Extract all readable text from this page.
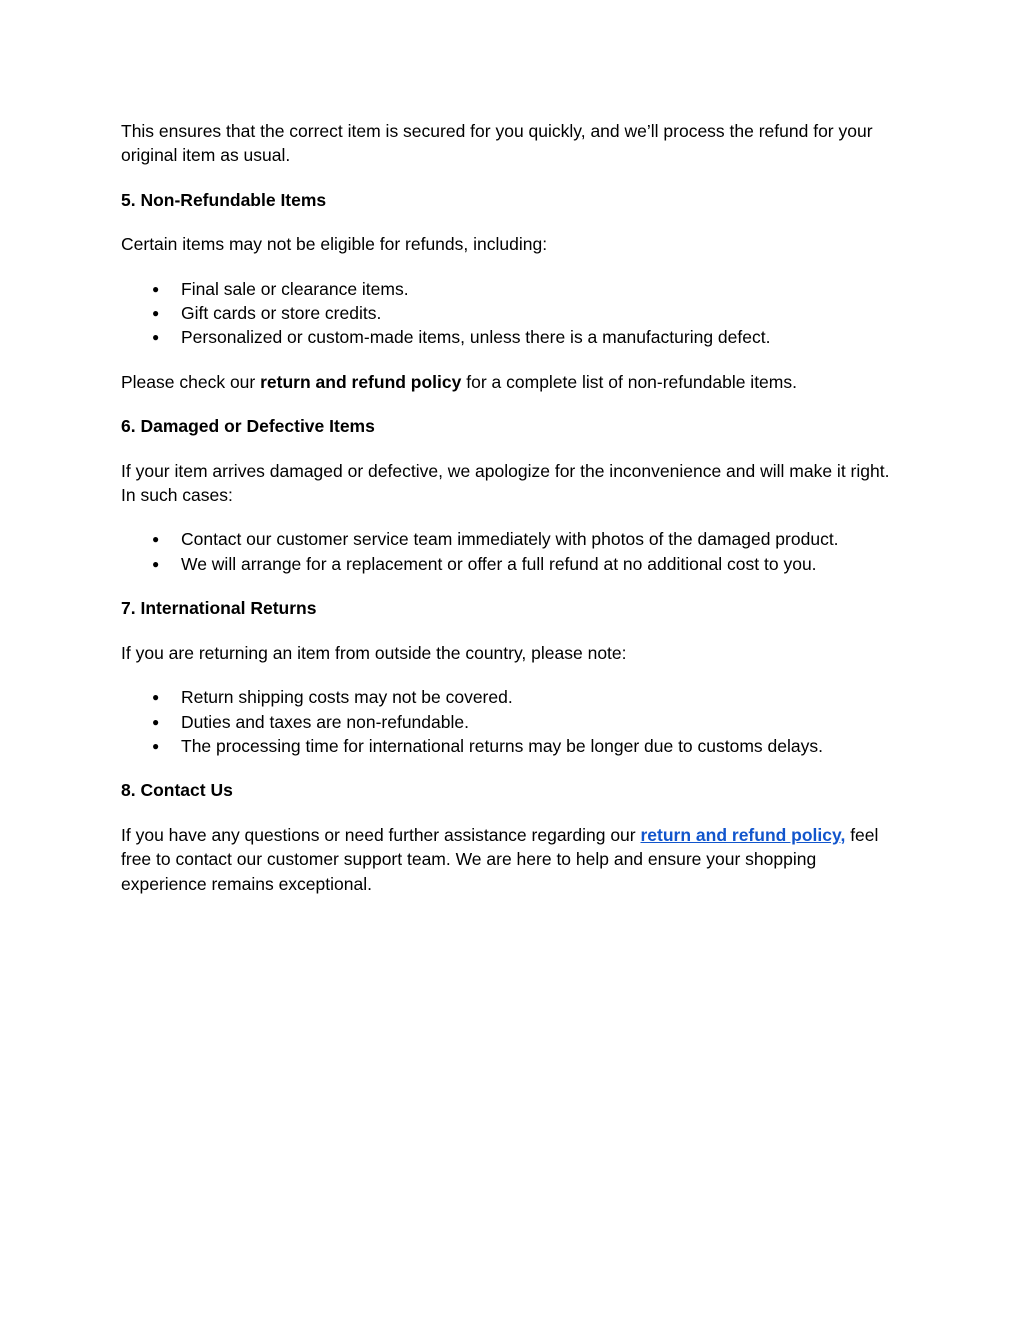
This ensures that the correct item is secured for you quickly, and we’ll process the refund for your original item as usual.

5. Non-Refundable Items

Certain items may not be eligible for refunds, including:

● Final sale or clearance items.
● Gift cards or store credits.
● Personalized or custom-made items, unless there is a manufacturing defect.

Please check our return and refund policy for a complete list of non-refundable items.

6. Damaged or Defective Items

If your item arrives damaged or defective, we apologize for the inconvenience and will make it right. In such cases:

● Contact our customer service team immediately with photos of the damaged product.
● We will arrange for a replacement or offer a full refund at no additional cost to you.
7. International Returns

If you are returning an item from outside the country, please note:

● Return shipping costs may not be covered.
● Duties and taxes are non-refundable.
● The processing time for international returns may be longer due to customs delays.
8. Contact Us

If you have any questions or need further assistance regarding our return and refund policy, feel free to contact our customer support team. We are here to help and ensure your shopping experience remains exceptional.
